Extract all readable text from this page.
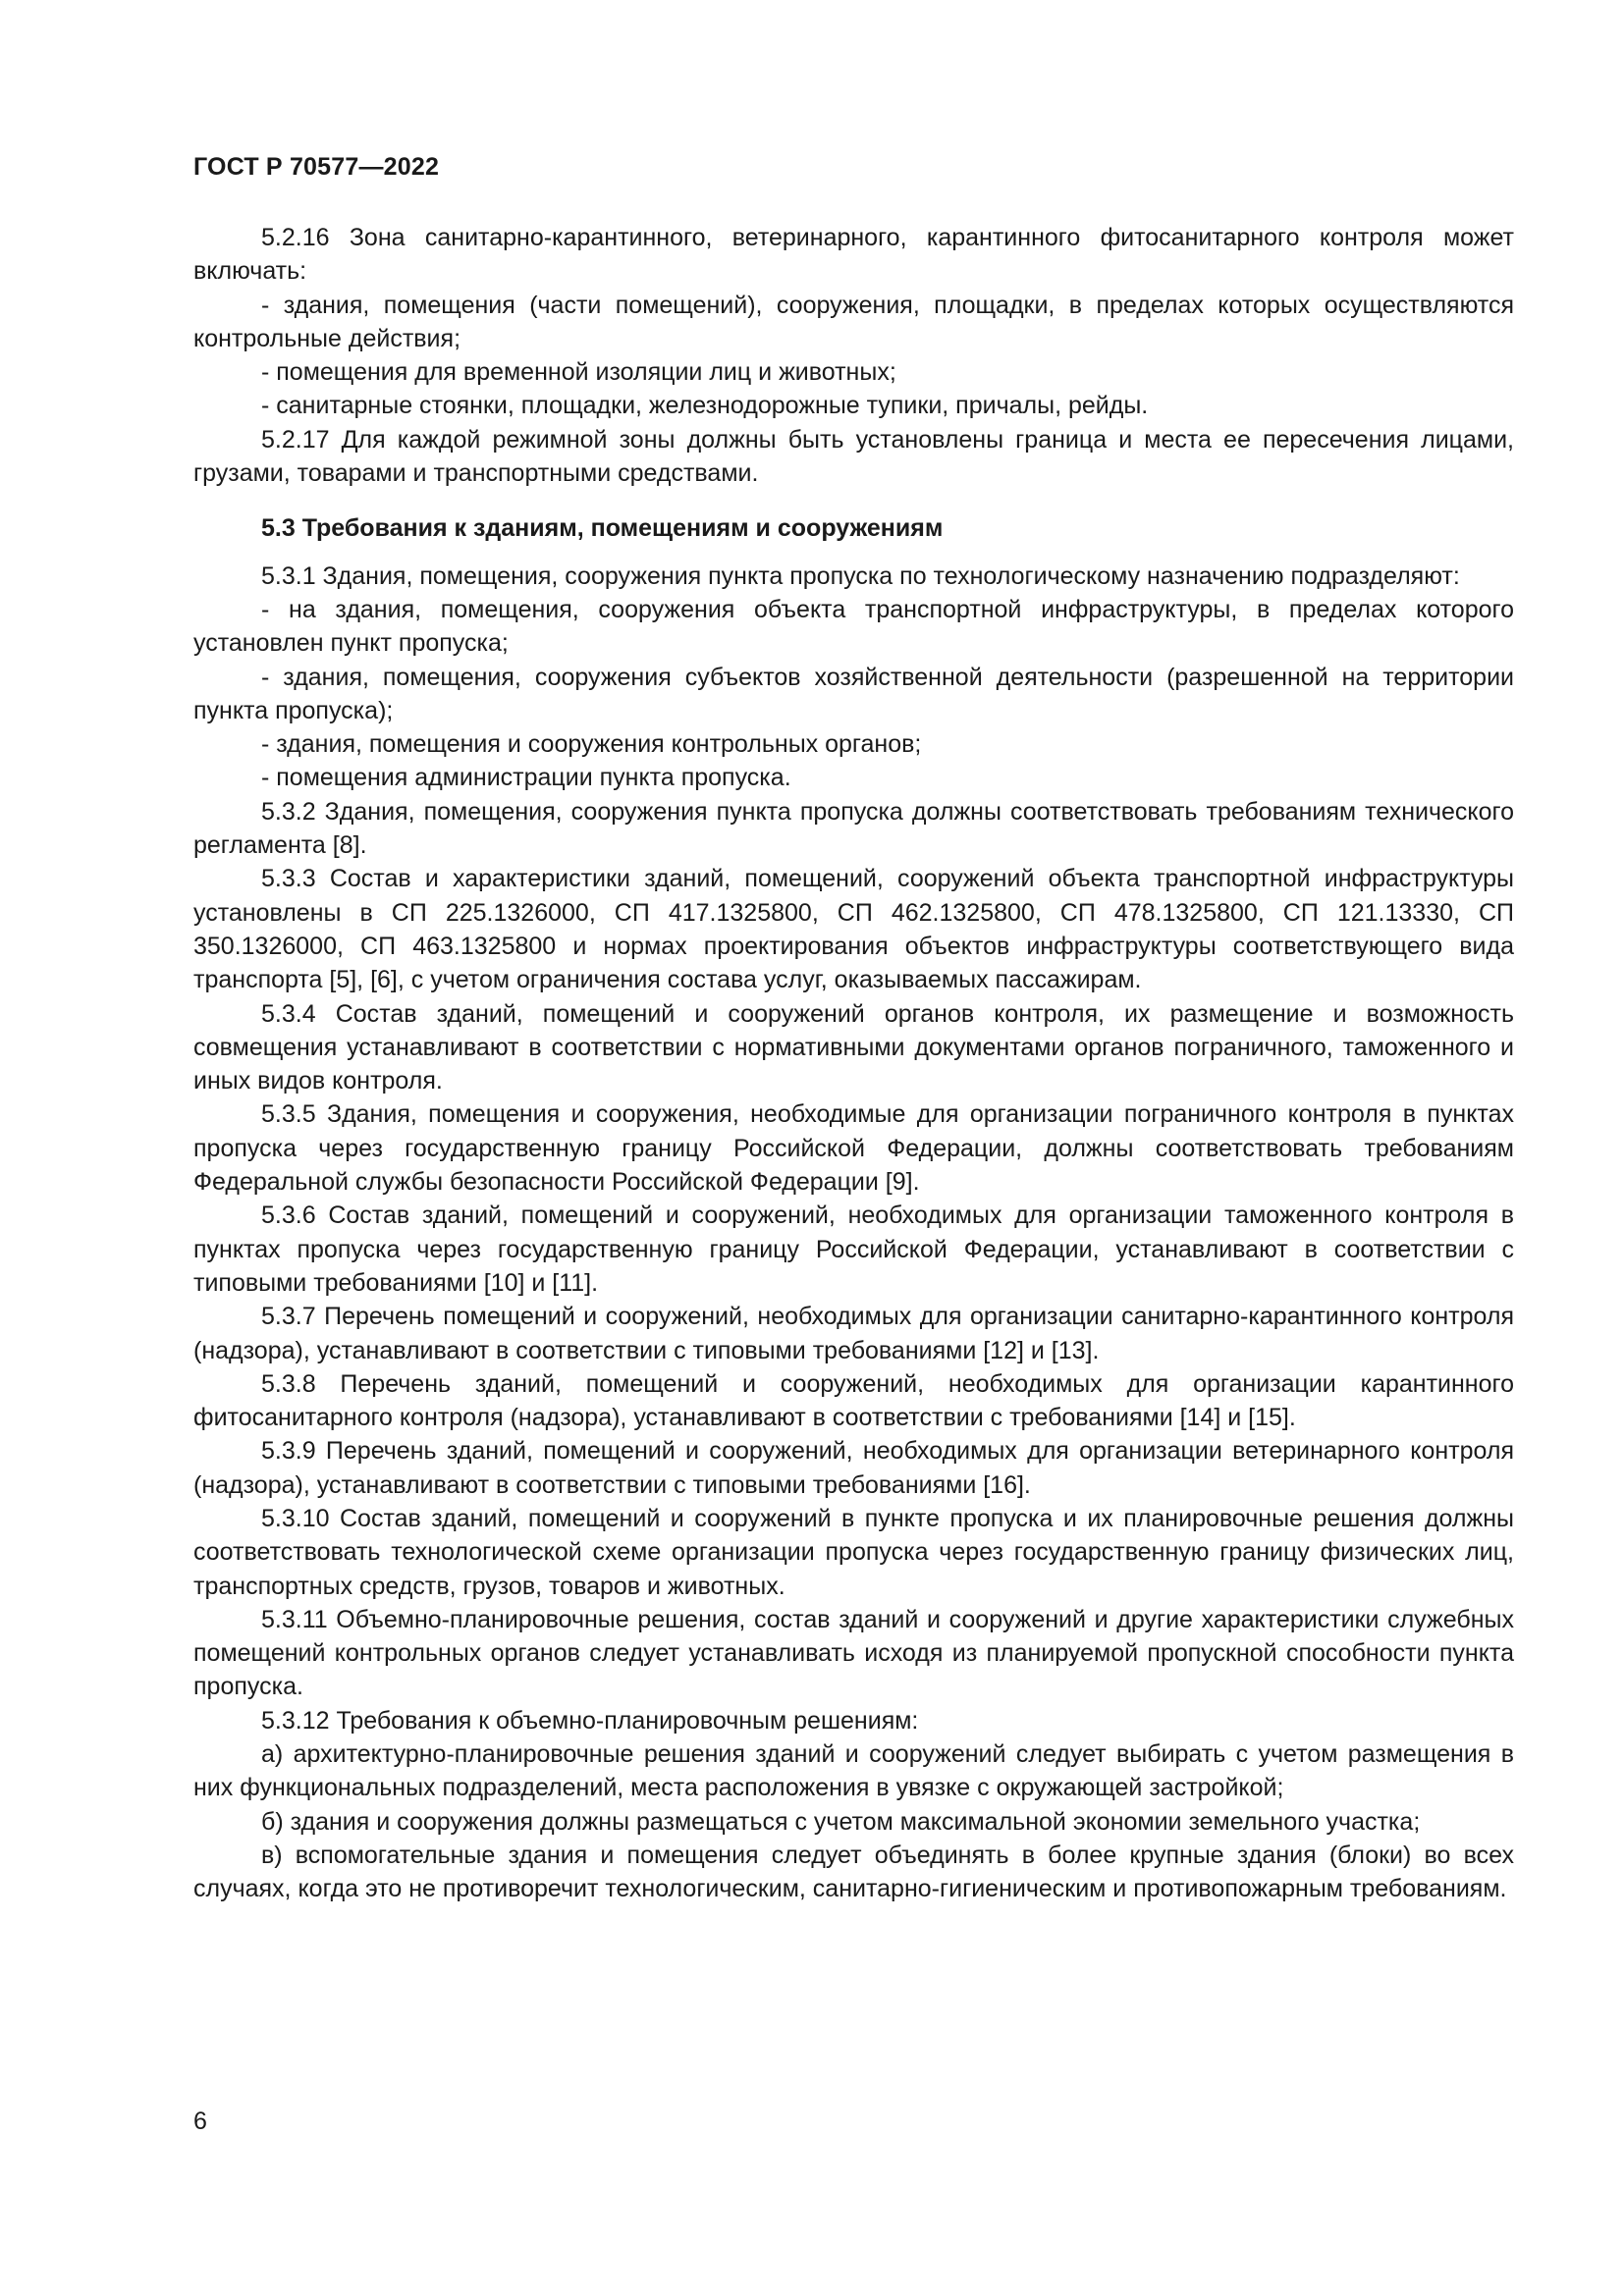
ГОСТ Р 70577—2022

5.2.16 Зона санитарно-карантинного, ветеринарного, карантинного фитосанитарного контроля может включать:

- здания, помещения (части помещений), сооружения, площадки, в пределах которых осуществляются контрольные действия;

- помещения для временной изоляции лиц и животных;

- санитарные стоянки, площадки, железнодорожные тупики, причалы, рейды.

5.2.17 Для каждой режимной зоны должны быть установлены граница и места ее пересечения лицами, грузами, товарами и транспортными средствами.

5.3 Требования к зданиям, помещениям и сооружениям

5.3.1 Здания, помещения, сооружения пункта пропуска по технологическому назначению подразделяют:

- на здания, помещения, сооружения объекта транспортной инфраструктуры, в пределах которого установлен пункт пропуска;

- здания, помещения, сооружения субъектов хозяйственной деятельности (разрешенной на территории пункта пропуска);

- здания, помещения и сооружения контрольных органов;

- помещения администрации пункта пропуска.

5.3.2 Здания, помещения, сооружения пункта пропуска должны соответствовать требованиям технического регламента [8].

5.3.3 Состав и характеристики зданий, помещений, сооружений объекта транспортной инфраструктуры установлены в СП 225.1326000, СП 417.1325800, СП 462.1325800, СП 478.1325800, СП 121.13330, СП 350.1326000, СП 463.1325800 и нормах проектирования объектов инфраструктуры соответствующего вида транспорта [5], [6], с учетом ограничения состава услуг, оказываемых пассажирам.

5.3.4 Состав зданий, помещений и сооружений органов контроля, их размещение и возможность совмещения устанавливают в соответствии с нормативными документами органов пограничного, таможенного и иных видов контроля.

5.3.5 Здания, помещения и сооружения, необходимые для организации пограничного контроля в пунктах пропуска через государственную границу Российской Федерации, должны соответствовать требованиям Федеральной службы безопасности Российской Федерации [9].

5.3.6 Состав зданий, помещений и сооружений, необходимых для организации таможенного контроля в пунктах пропуска через государственную границу Российской Федерации, устанавливают в соответствии с типовыми требованиями [10] и [11].

5.3.7 Перечень помещений и сооружений, необходимых для организации санитарно-карантинного контроля (надзора), устанавливают в соответствии с типовыми требованиями [12] и [13].

5.3.8 Перечень зданий, помещений и сооружений, необходимых для организации карантинного фитосанитарного контроля (надзора), устанавливают в соответствии с требованиями [14] и [15].

5.3.9 Перечень зданий, помещений и сооружений, необходимых для организации ветеринарного контроля (надзора), устанавливают в соответствии с типовыми требованиями [16].

5.3.10 Состав зданий, помещений и сооружений в пункте пропуска и их планировочные решения должны соответствовать технологической схеме организации пропуска через государственную границу физических лиц, транспортных средств, грузов, товаров и животных.

5.3.11 Объемно-планировочные решения, состав зданий и сооружений и другие характеристики служебных помещений контрольных органов следует устанавливать исходя из планируемой пропускной способности пункта пропуска.

5.3.12 Требования к объемно-планировочным решениям:

а) архитектурно-планировочные решения зданий и сооружений следует выбирать с учетом размещения в них функциональных подразделений, места расположения в увязке с окружающей застройкой;

б) здания и сооружения должны размещаться с учетом максимальной экономии земельного участка;

в) вспомогательные здания и помещения следует объединять в более крупные здания (блоки) во всех случаях, когда это не противоречит технологическим, санитарно-гигиеническим и противопожарным требованиям.

6
